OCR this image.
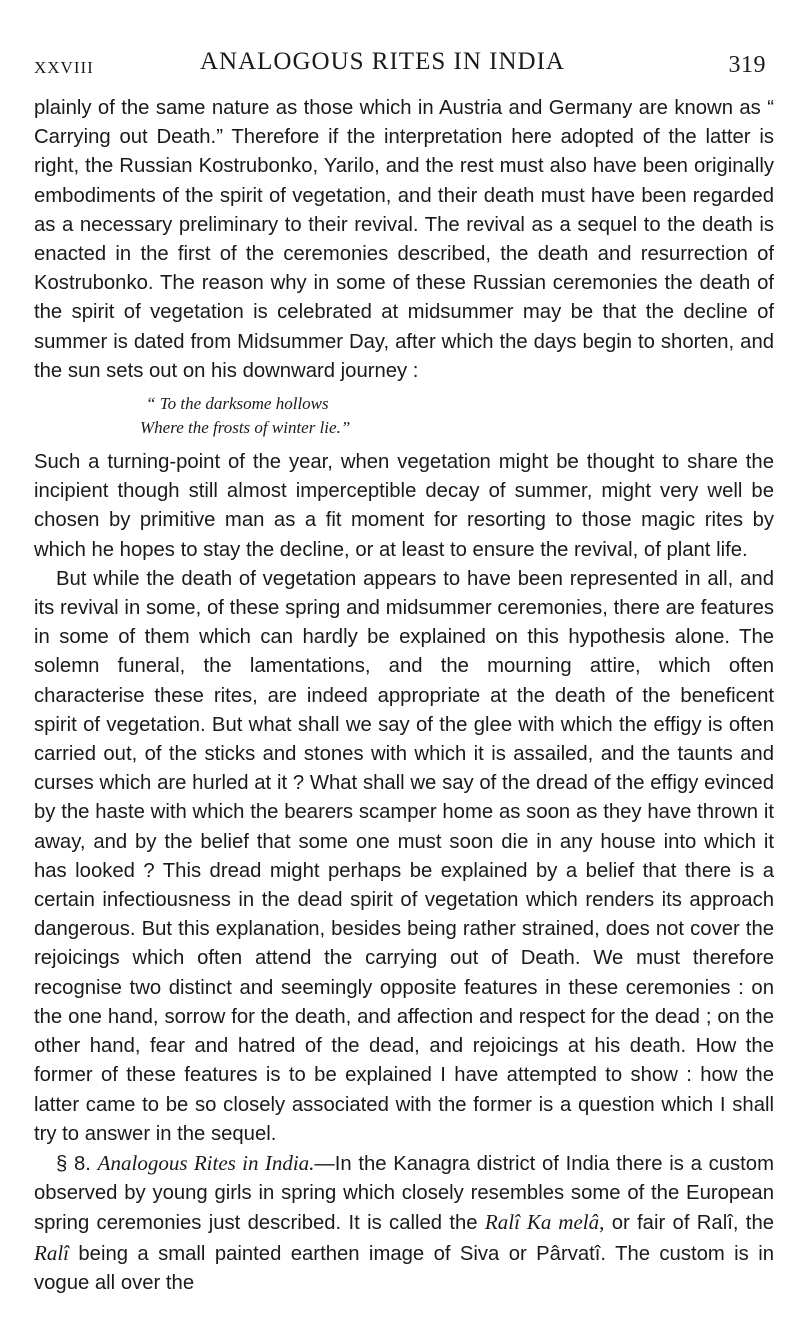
XXVIII	ANALOGOUS RITES IN INDIA	319

plainly of the same nature as those which in Austria and Germany are known as “ Carrying out Death.” Therefore if the interpretation here adopted of the latter is right, the Russian Kostrubonko, Yarilo, and the rest must also have been originally embodiments of the spirit of vegetation, and their death must have been regarded as a necessary preliminary to their revival. The revival as a sequel to the death is enacted in the first of the ceremonies described, the death and resurrection of Kostrubonko. The reason why in some of these Russian ceremonies the death of the spirit of vegetation is celebrated at midsummer may be that the decline of summer is dated from Midsummer Day, after which the days begin to shorten, and the sun sets out on his downward journey :

“ To the darksome hollows
Where the frosts of winter lie.”

Such a turning-point of the year, when vegetation might be thought to share the incipient though still almost imperceptible decay of summer, might very well be chosen by primitive man as a fit moment for resorting to those magic rites by which he hopes to stay the decline, or at least to ensure the revival, of plant life.

But while the death of vegetation appears to have been represented in all, and its revival in some, of these spring and midsummer ceremonies, there are features in some of them which can hardly be explained on this hypothesis alone. The solemn funeral, the lamentations, and the mourning attire, which often characterise these rites, are indeed appropriate at the death of the beneficent spirit of vegetation. But what shall we say of the glee with which the effigy is often carried out, of the sticks and stones with which it is assailed, and the taunts and curses which are hurled at it ? What shall we say of the dread of the effigy evinced by the haste with which the bearers scamper home as soon as they have thrown it away, and by the belief that some one must soon die in any house into which it has looked ? This dread might perhaps be explained by a belief that there is a certain infectiousness in the dead spirit of vegetation which renders its approach dangerous. But this explanation, besides being rather strained, does not cover the rejoicings which often attend the carrying out of Death. We must therefore recognise two distinct and seemingly opposite features in these ceremonies : on the one hand, sorrow for the death, and affection and respect for the dead ; on the other hand, fear and hatred of the dead, and rejoicings at his death. How the former of these features is to be explained I have attempted to show : how the latter came to be so closely associated with the former is a question which I shall try to answer in the sequel.

§ 8. Analogous Rites in India.—In the Kanagra district of India there is a custom observed by young girls in spring which closely resembles some of the European spring ceremonies just described. It is called the Ralî Ka melâ, or fair of Ralî, the Ralî being a small painted earthen image of Siva or Pârvatî. The custom is in vogue all over the
